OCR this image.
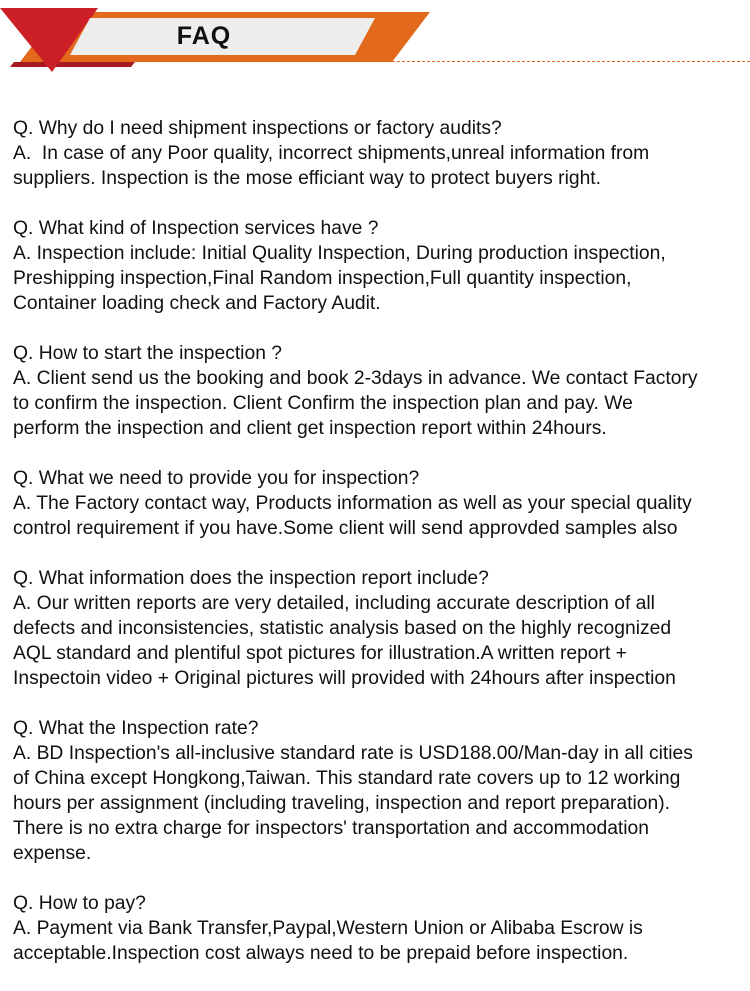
FAQ
Q. Why do I need shipment inspections or factory audits?
A.  In case of any Poor quality, incorrect shipments,unreal information from
suppliers. Inspection is the mose efficiant way to protect buyers right.
Q. What kind of Inspection services have ?
A. Inspection include: Initial Quality Inspection, During production inspection,
Preshipping inspection,Final Random inspection,Full quantity inspection,
Container loading check and Factory Audit.
Q. How to start the inspection ?
A. Client send us the booking and book 2-3days in advance. We contact Factory
to confirm the inspection. Client Confirm the inspection plan and pay. We
perform the inspection and client get inspection report within 24hours.
Q. What we need to provide you for inspection?
A. The Factory contact way, Products information as well as your special quality
control requirement if you have.Some client will send approvded samples also
Q. What information does the inspection report include?
A. Our written reports are very detailed, including accurate description of all
defects and inconsistencies, statistic analysis based on the highly recognized
AQL standard and plentiful spot pictures for illustration.A written report +
Inspectoin video + Original pictures will provided with 24hours after inspection
Q. What the Inspection rate?
A. BD Inspection's all-inclusive standard rate is USD188.00/Man-day in all cities
of China except Hongkong,Taiwan. This standard rate covers up to 12 working
hours per assignment (including traveling, inspection and report preparation).
There is no extra charge for inspectors' transportation and accommodation
expense.
Q. How to pay?
A. Payment via Bank Transfer,Paypal,Western Union or Alibaba Escrow is
acceptable.Inspection cost always need to be prepaid before inspection.
